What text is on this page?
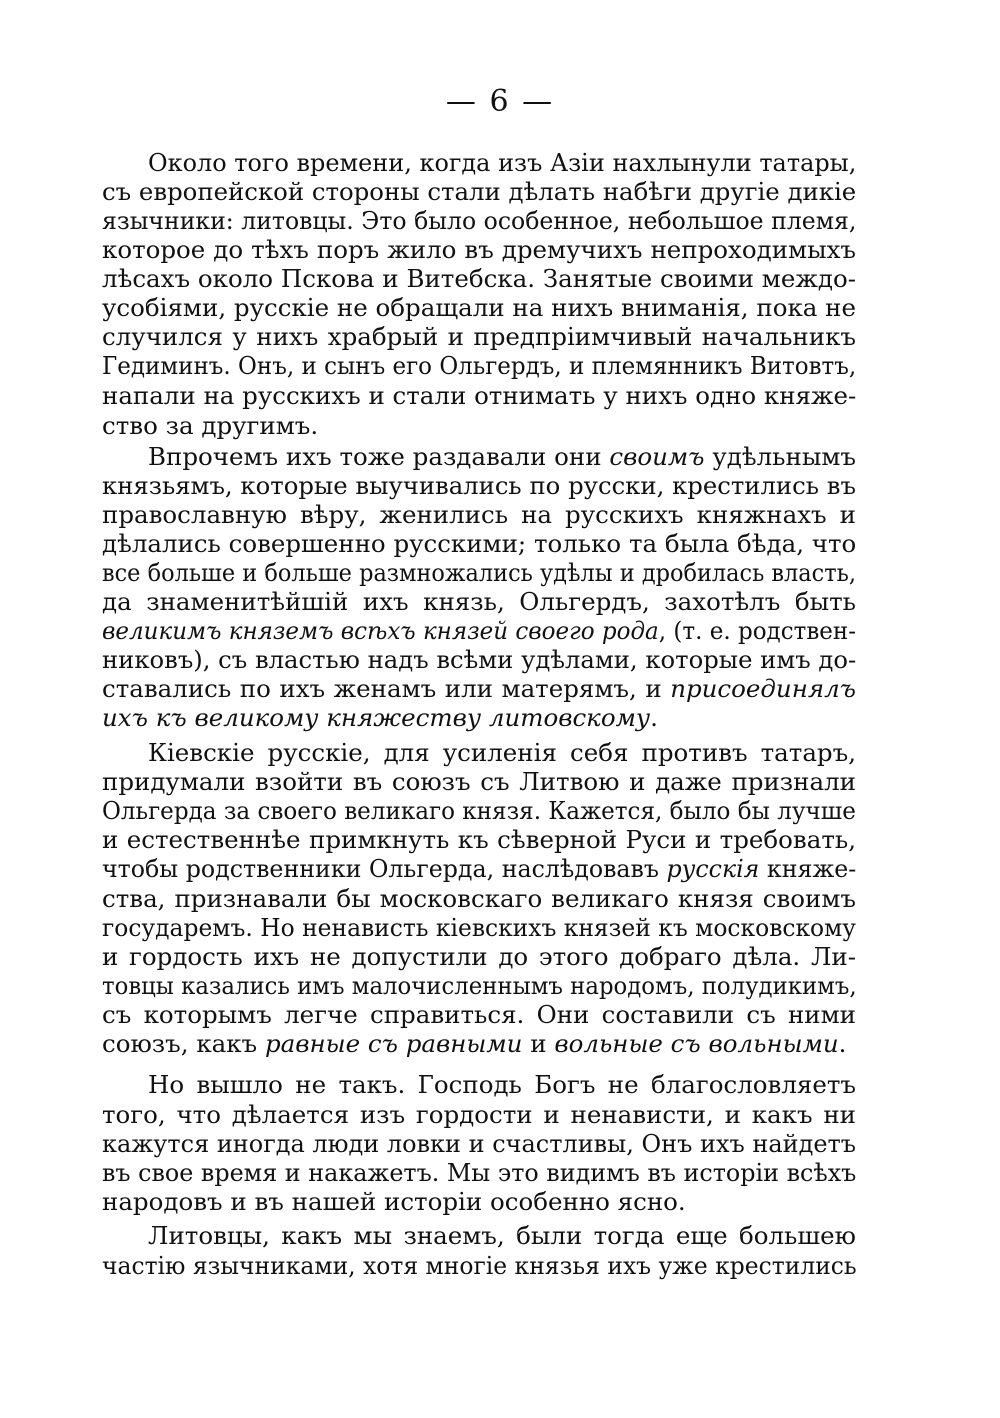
— 6 —
Около того времени, когда изъ Азіи нахлынули татары,
съ европейской стороны стали дѣлать набѣги другіе дикіе
язычники: литовцы. Это было особенное, небольшое племя,
которое до тѣхъ поръ жило въ дремучихъ непроходимыхъ
лѣсахъ около Пскова и Витебска. Занятые своими междо-
усобіями, русскіе не обращали на нихъ вниманія, пока не
случился у нихъ храбрый и предпріимчивый начальникъ
Гедиминъ. Онъ, и сынъ его Ольгердъ, и племянникъ Витовтъ,
напали на русскихъ и стали отнимать у нихъ одно княже-
ство за другимъ.
Впрочемъ ихъ тоже раздавали они своимъ удѣльнымъ
князьямъ, которые выучивались по русски, крестились въ
православную вѣру, женились на русскихъ княжнахъ и
дѣлались совершенно русскими; только та была бѣда, что
все больше и больше размножались удѣлы и дробилась власть,
да знаменитѣйшій ихъ князь, Ольгердъ, захотѣлъ быть
великимъ княземъ всѣхъ князей своего рода, (т. е. родствен-
никовъ), съ властью надъ всѣми удѣлами, которые имъ до-
ставались по ихъ женамъ или матерямъ, и присоединялъ
ихъ къ великому княжеству литовскому.
Кіевскіе русскіе, для усиленія себя противъ татаръ,
придумали взойти въ союзъ съ Литвою и даже признали
Ольгерда за своего великаго князя. Кажется, было бы лучше
и естественнѣе примкнуть къ сѣверной Руси и требовать,
чтобы родственники Ольгерда, наслѣдовавъ русскія княже-
ства, признавали бы московскаго великаго князя своимъ
государемъ. Но ненависть кіевскихъ князей къ московскому
и гордость ихъ не допустили до этого добраго дѣла. Ли-
товцы казались имъ малочисленнымъ народомъ, полудикимъ,
съ которымъ легче справиться. Они составили съ ними
союзъ, какъ равные съ равными и вольные съ вольными.
Но вышло не такъ. Господь Богъ не благословляетъ
того, что дѣлается изъ гордости и ненависти, и какъ ни
кажутся иногда люди ловки и счастливы, Онъ ихъ найдетъ
въ свое время и накажетъ. Мы это видимъ въ исторіи всѣхъ
народовъ и въ нашей исторіи особенно ясно.
Литовцы, какъ мы знаемъ, были тогда еще большею
частію язычниками, хотя многіе князья ихъ уже крестились
